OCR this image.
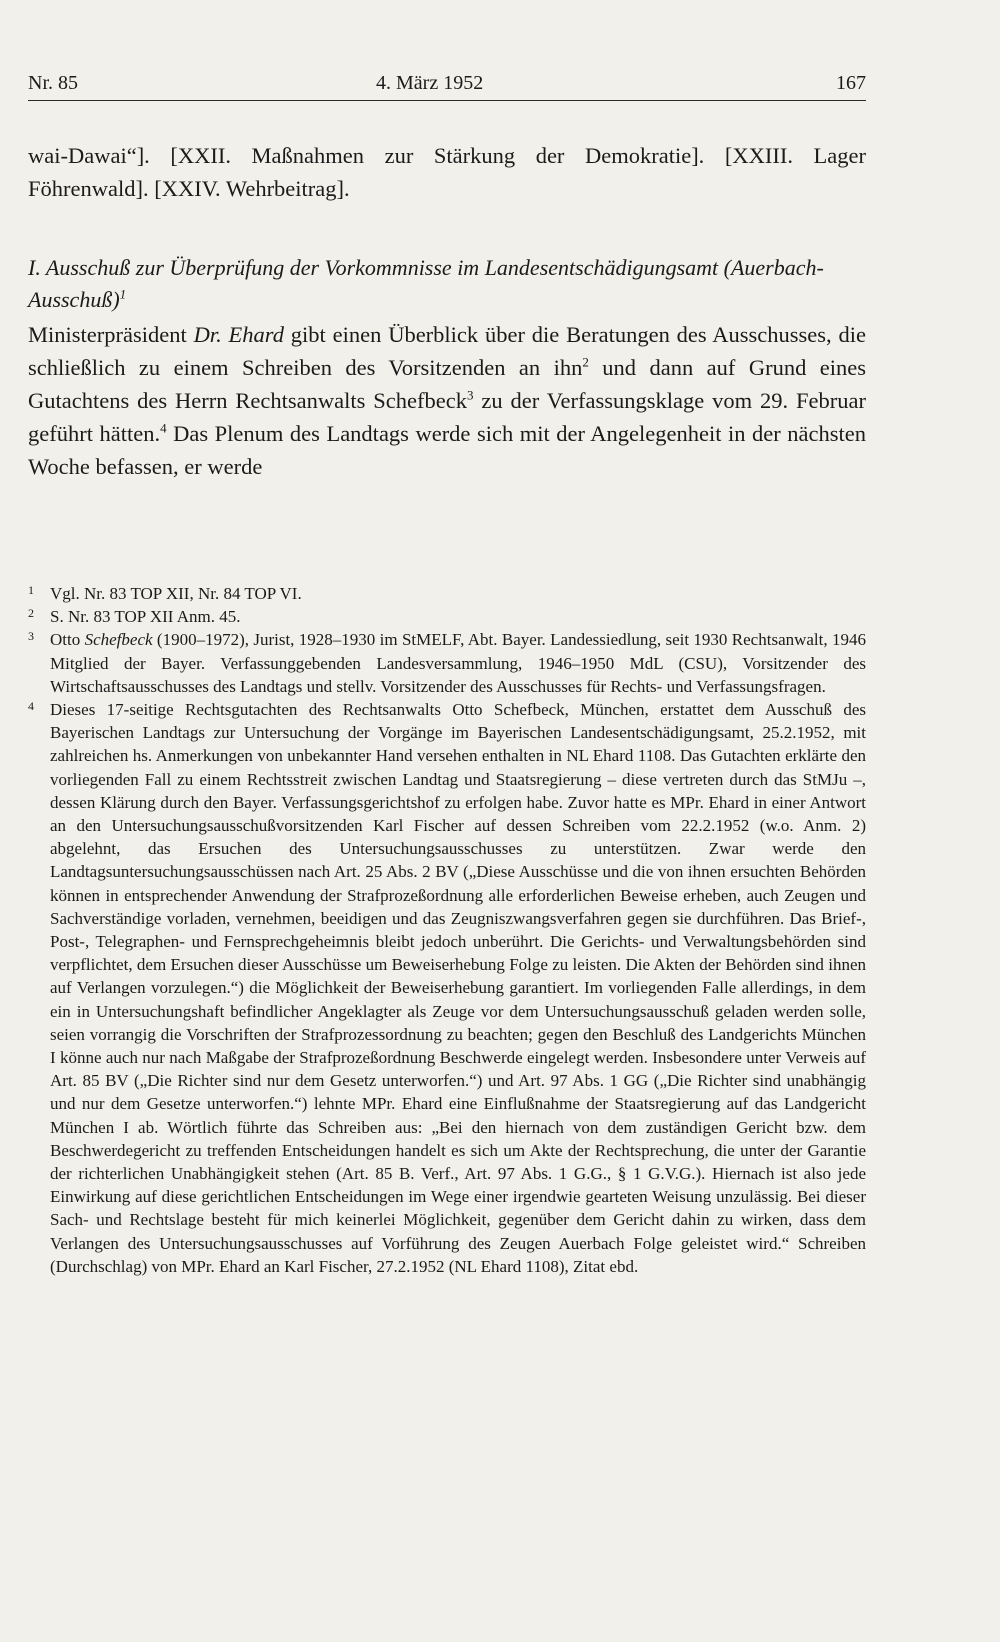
Nr. 85	4. März 1952	167

wai-Dawai“]. [XXII. Maßnahmen zur Stärkung der Demokratie]. [XXIII. Lager Föhrenwald]. [XXIV. Wehrbeitrag].

I. Ausschuß zur Überprüfung der Vorkommnisse im Landesentschädigungsamt (Auerbach-Ausschuß)$^1$
Ministerpräsident Dr. Ehard gibt einen Überblick über die Beratungen des Ausschusses, die schließlich zu einem Schreiben des Vorsitzenden an ihn$^2$ und dann auf Grund eines Gutachtens des Herrn Rechtsanwalts Schefbeck$^3$ zu der Verfassungsklage vom 29. Februar geführt hätten.$^4$ Das Plenum des Landtags werde sich mit der Angelegenheit in der nächsten Woche befassen, er werde

1 Vgl. Nr. 83 TOP XII, Nr. 84 TOP VI.

2 S. Nr. 83 TOP XII Anm. 45.

3 Otto Schefbeck (1900–1972), Jurist, 1928–1930 im StMELF, Abt. Bayer. Landessiedlung, seit 1930 Rechtsanwalt, 1946 Mitglied der Bayer. Verfassunggebenden Landesversammlung, 1946–1950 MdL (CSU), Vorsitzender des Wirtschaftsausschusses des Landtags und stellv. Vorsitzender des Ausschusses für Rechts- und Verfassungsfragen.

4 Dieses 17-seitige Rechtsgutachten des Rechtsanwalts Otto Schefbeck, München, erstattet dem Ausschuß des Bayerischen Landtags zur Untersuchung der Vorgänge im Bayerischen Landesentschädigungsamt, 25.2.1952, mit zahlreichen hs. Anmerkungen von unbekannter Hand versehen enthalten in NL Ehard 1108. Das Gutachten erklärte den vorliegenden Fall zu einem Rechtsstreit zwischen Landtag und Staatsregierung – diese vertreten durch das StMJu –, dessen Klärung durch den Bayer. Verfassungsgerichtshof zu erfolgen habe. Zuvor hatte es MPr. Ehard in einer Antwort an den Untersuchungsausschußvorsitzenden Karl Fischer auf dessen Schreiben vom 22.2.1952 (w.o. Anm. 2) abgelehnt, das Ersuchen des Untersuchungsausschusses zu unterstützen. Zwar werde den Landtagsuntersuchungsausschüssen nach Art. 25 Abs. 2 BV („Diese Ausschüsse und die von ihnen ersuchten Behörden können in entsprechender Anwendung der Strafprozeßordnung alle erforderlichen Beweise erheben, auch Zeugen und Sachverständige vorladen, vernehmen, beeidigen und das Zeugniszwangsverfahren gegen sie durchführen. Das Brief-, Post-, Telegraphen- und Fernsprechgeheimnis bleibt jedoch unberührt. Die Gerichts- und Verwaltungsbehörden sind verpflichtet, dem Ersuchen dieser Ausschüsse um Beweiserhebung Folge zu leisten. Die Akten der Behörden sind ihnen auf Verlangen vorzulegen.“) die Möglichkeit der Beweiserhebung garantiert. Im vorliegenden Falle allerdings, in dem ein in Untersuchungshaft befindlicher Angeklagter als Zeuge vor dem Untersuchungsausschuß geladen werden solle, seien vorrangig die Vorschriften der Strafprozessordnung zu beachten; gegen den Beschluß des Landgerichts München I könne auch nur nach Maßgabe der Strafprozeßordnung Beschwerde eingelegt werden. Insbesondere unter Verweis auf Art. 85 BV („Die Richter sind nur dem Gesetz unterworfen.“) und Art. 97 Abs. 1 GG („Die Richter sind unabhängig und nur dem Gesetze unterworfen.“) lehnte MPr. Ehard eine Einflußnahme der Staatsregierung auf das Landgericht München I ab. Wörtlich führte das Schreiben aus: „Bei den hiernach von dem zuständigen Gericht bzw. dem Beschwerdegericht zu treffenden Entscheidungen handelt es sich um Akte der Rechtsprechung, die unter der Garantie der richterlichen Unabhängigkeit stehen (Art. 85 B. Verf., Art. 97 Abs. 1 G.G., § 1 G.V.G.). Hiernach ist also jede Einwirkung auf diese gerichtlichen Entscheidungen im Wege einer irgendwie gearteten Weisung unzulässig. Bei dieser Sach- und Rechtslage besteht für mich keinerlei Möglichkeit, gegenüber dem Gericht dahin zu wirken, dass dem Verlangen des Untersuchungsausschusses auf Vorführung des Zeugen Auerbach Folge geleistet wird.“ Schreiben (Durchschlag) von MPr. Ehard an Karl Fischer, 27.2.1952 (NL Ehard 1108), Zitat ebd.
